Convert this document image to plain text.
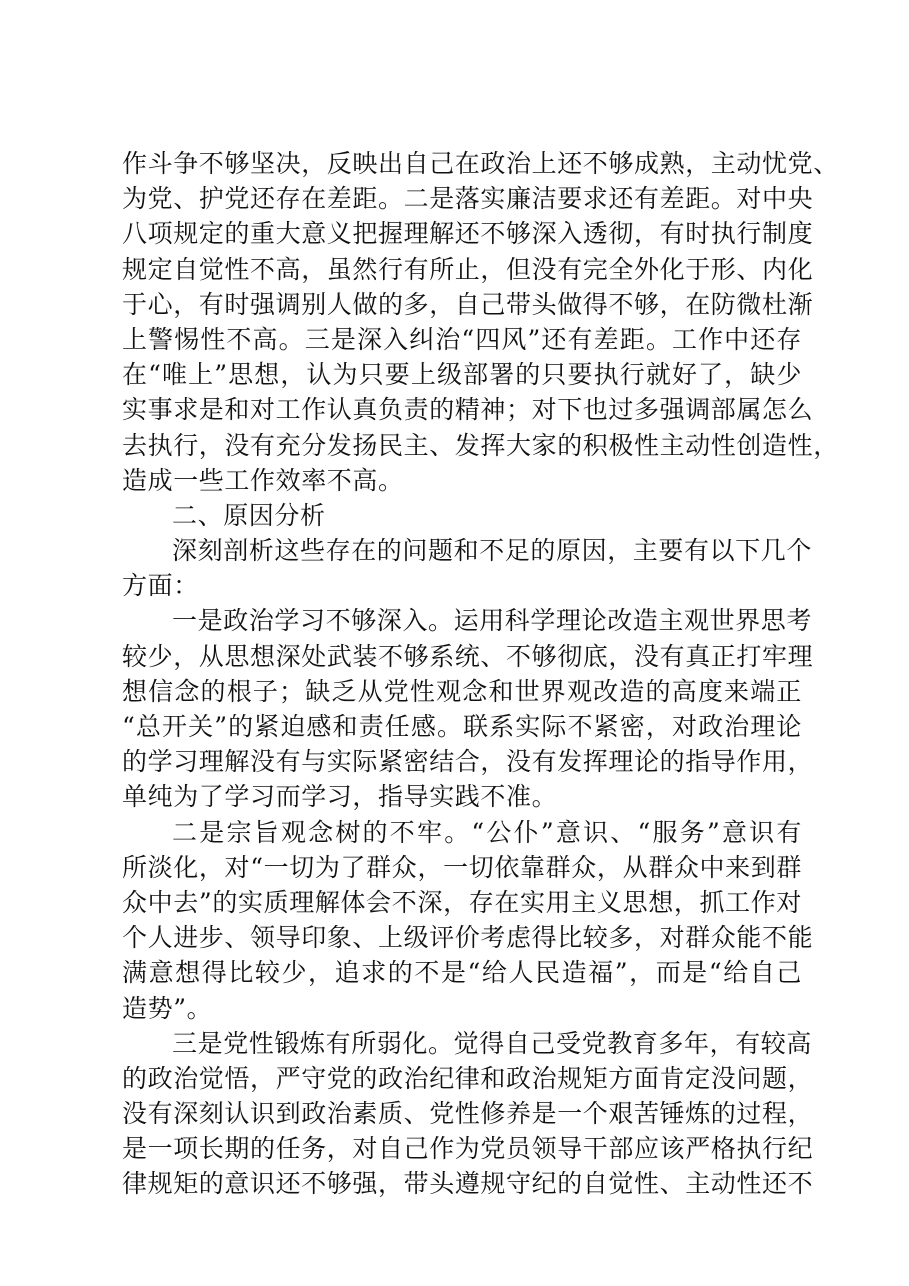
作斗争不够坚决，反映出自己在政治上还不够成熟，主动忧党、
为党、护党还存在差距。二是落实廉洁要求还有差距。对中央
八项规定的重大意义把握理解还不够深入透彻，有时执行制度
规定自觉性不高，虽然行有所止，但没有完全外化于形、内化
于心，有时强调别人做的多，自己带头做得不够，在防微杜渐
上警惕性不高。三是深入纠治“四风”还有差距。工作中还存
在“唯上”思想，认为只要上级部署的只要执行就好了，缺少
实事求是和对工作认真负责的精神；对下也过多强调部属怎么
去执行，没有充分发扬民主、发挥大家的积极性主动性创造性，
造成一些工作效率不高。
二、原因分析
深刻剖析这些存在的问题和不足的原因，主要有以下几个
方面：
一是政治学习不够深入。运用科学理论改造主观世界思考
较少，从思想深处武装不够系统、不够彻底，没有真正打牢理
想信念的根子；缺乏从党性观念和世界观改造的高度来端正
“总开关”的紧迫感和责任感。联系实际不紧密，对政治理论
的学习理解没有与实际紧密结合，没有发挥理论的指导作用，
单纯为了学习而学习，指导实践不准。
二是宗旨观念树的不牢。“公仆”意识、“服务”意识有
所淡化，对“一切为了群众，一切依靠群众，从群众中来到群
众中去”的实质理解体会不深，存在实用主义思想，抓工作对
个人进步、领导印象、上级评价考虑得比较多，对群众能不能
满意想得比较少，追求的不是“给人民造福”，而是“给自己
造势”。
三是党性锻炼有所弱化。觉得自己受党教育多年，有较高
的政治觉悟，严守党的政治纪律和政治规矩方面肯定没问题，
没有深刻认识到政治素质、党性修养是一个艰苦锤炼的过程，
是一项长期的任务，对自己作为党员领导干部应该严格执行纪
律规矩的意识还不够强，带头遵规守纪的自觉性、主动性还不
